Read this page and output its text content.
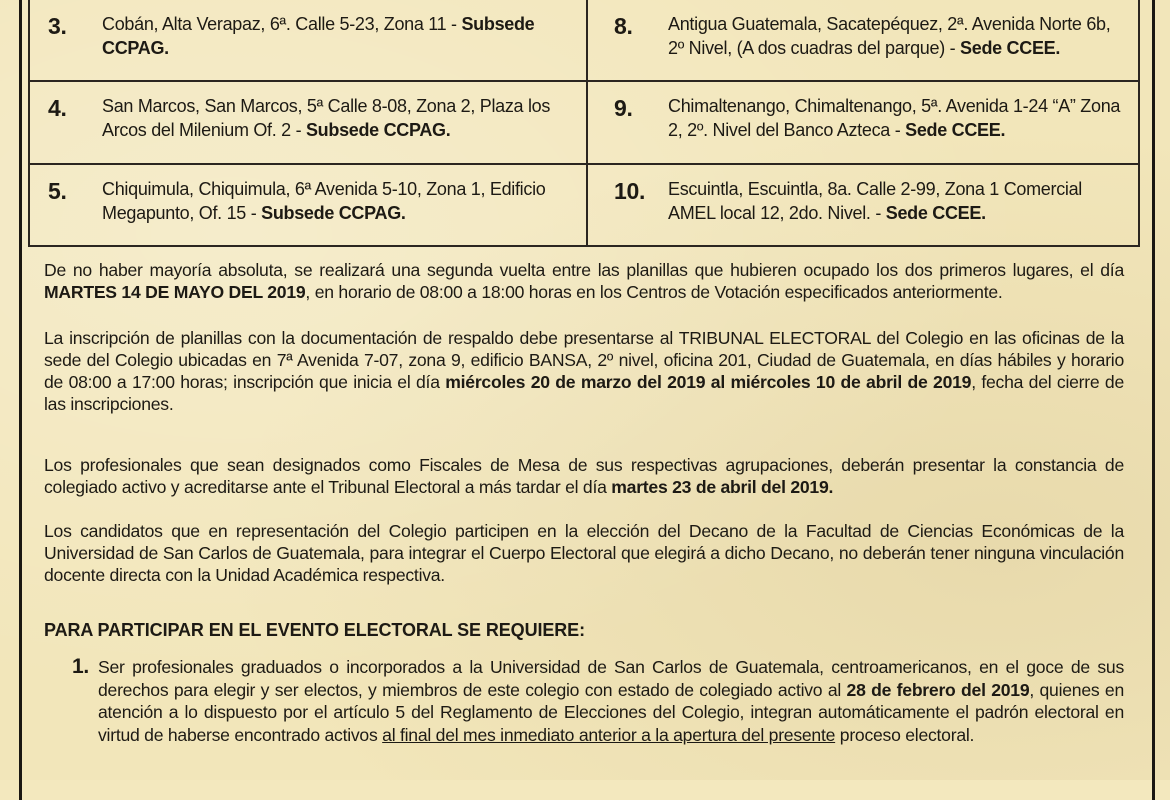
3. Cobán, Alta Verapaz, 6ª. Calle 5-23, Zona 11 - Subsede CCPAG.
8. Antigua Guatemala, Sacatepéquez, 2ª. Avenida Norte 6b, 2º Nivel, (A dos cuadras del parque) - Sede CCEE.
4. San Marcos, San Marcos, 5ª Calle 8-08, Zona 2, Plaza los Arcos del Milenium Of. 2 - Subsede CCPAG.
9. Chimaltenango, Chimaltenango, 5ª. Avenida 1-24 “A” Zona 2, 2º. Nivel del Banco Azteca - Sede CCEE.
5. Chiquimula, Chiquimula, 6ª Avenida 5-10, Zona 1, Edificio Megapunto, Of. 15 - Subsede CCPAG.
10. Escuintla, Escuintla, 8a. Calle 2-99, Zona 1 Comercial AMEL local 12, 2do. Nivel. - Sede CCEE.

De no haber mayoría absoluta, se realizará una segunda vuelta entre las planillas que hubieren ocupado los dos primeros lugares, el día MARTES 14 DE MAYO DEL 2019, en horario de 08:00 a 18:00 horas en los Centros de Votación especificados anteriormente.

La inscripción de planillas con la documentación de respaldo debe presentarse al TRIBUNAL ELECTORAL del Colegio en las oficinas de la sede del Colegio ubicadas en 7ª Avenida 7-07, zona 9, edificio BANSA, 2º nivel, oficina 201, Ciudad de Guatemala, en días hábiles y horario de 08:00 a 17:00 horas; inscripción que inicia el día miércoles 20 de marzo del 2019 al miércoles 10 de abril de 2019, fecha del cierre de las inscripciones.

Los profesionales que sean designados como Fiscales de Mesa de sus respectivas agrupaciones, deberán presentar la constancia de colegiado activo y acreditarse ante el Tribunal Electoral a más tardar el día martes 23 de abril del 2019.

Los candidatos que en representación del Colegio participen en la elección del Decano de la Facultad de Ciencias Económicas de la Universidad de San Carlos de Guatemala, para integrar el Cuerpo Electoral que elegirá a dicho Decano, no deberán tener ninguna vinculación docente directa con la Unidad Académica respectiva.

PARA PARTICIPAR EN EL EVENTO ELECTORAL SE REQUIERE:
1. Ser profesionales graduados o incorporados a la Universidad de San Carlos de Guatemala, centroamericanos, en el goce de sus derechos para elegir y ser electos, y miembros de este colegio con estado de colegiado activo al 28 de febrero del 2019, quienes en atención a lo dispuesto por el artículo 5 del Reglamento de Elecciones del Colegio, integran automáticamente el padrón electoral en virtud de haberse encontrado activos al final del mes inmediato anterior a la apertura del presente proceso electoral.
